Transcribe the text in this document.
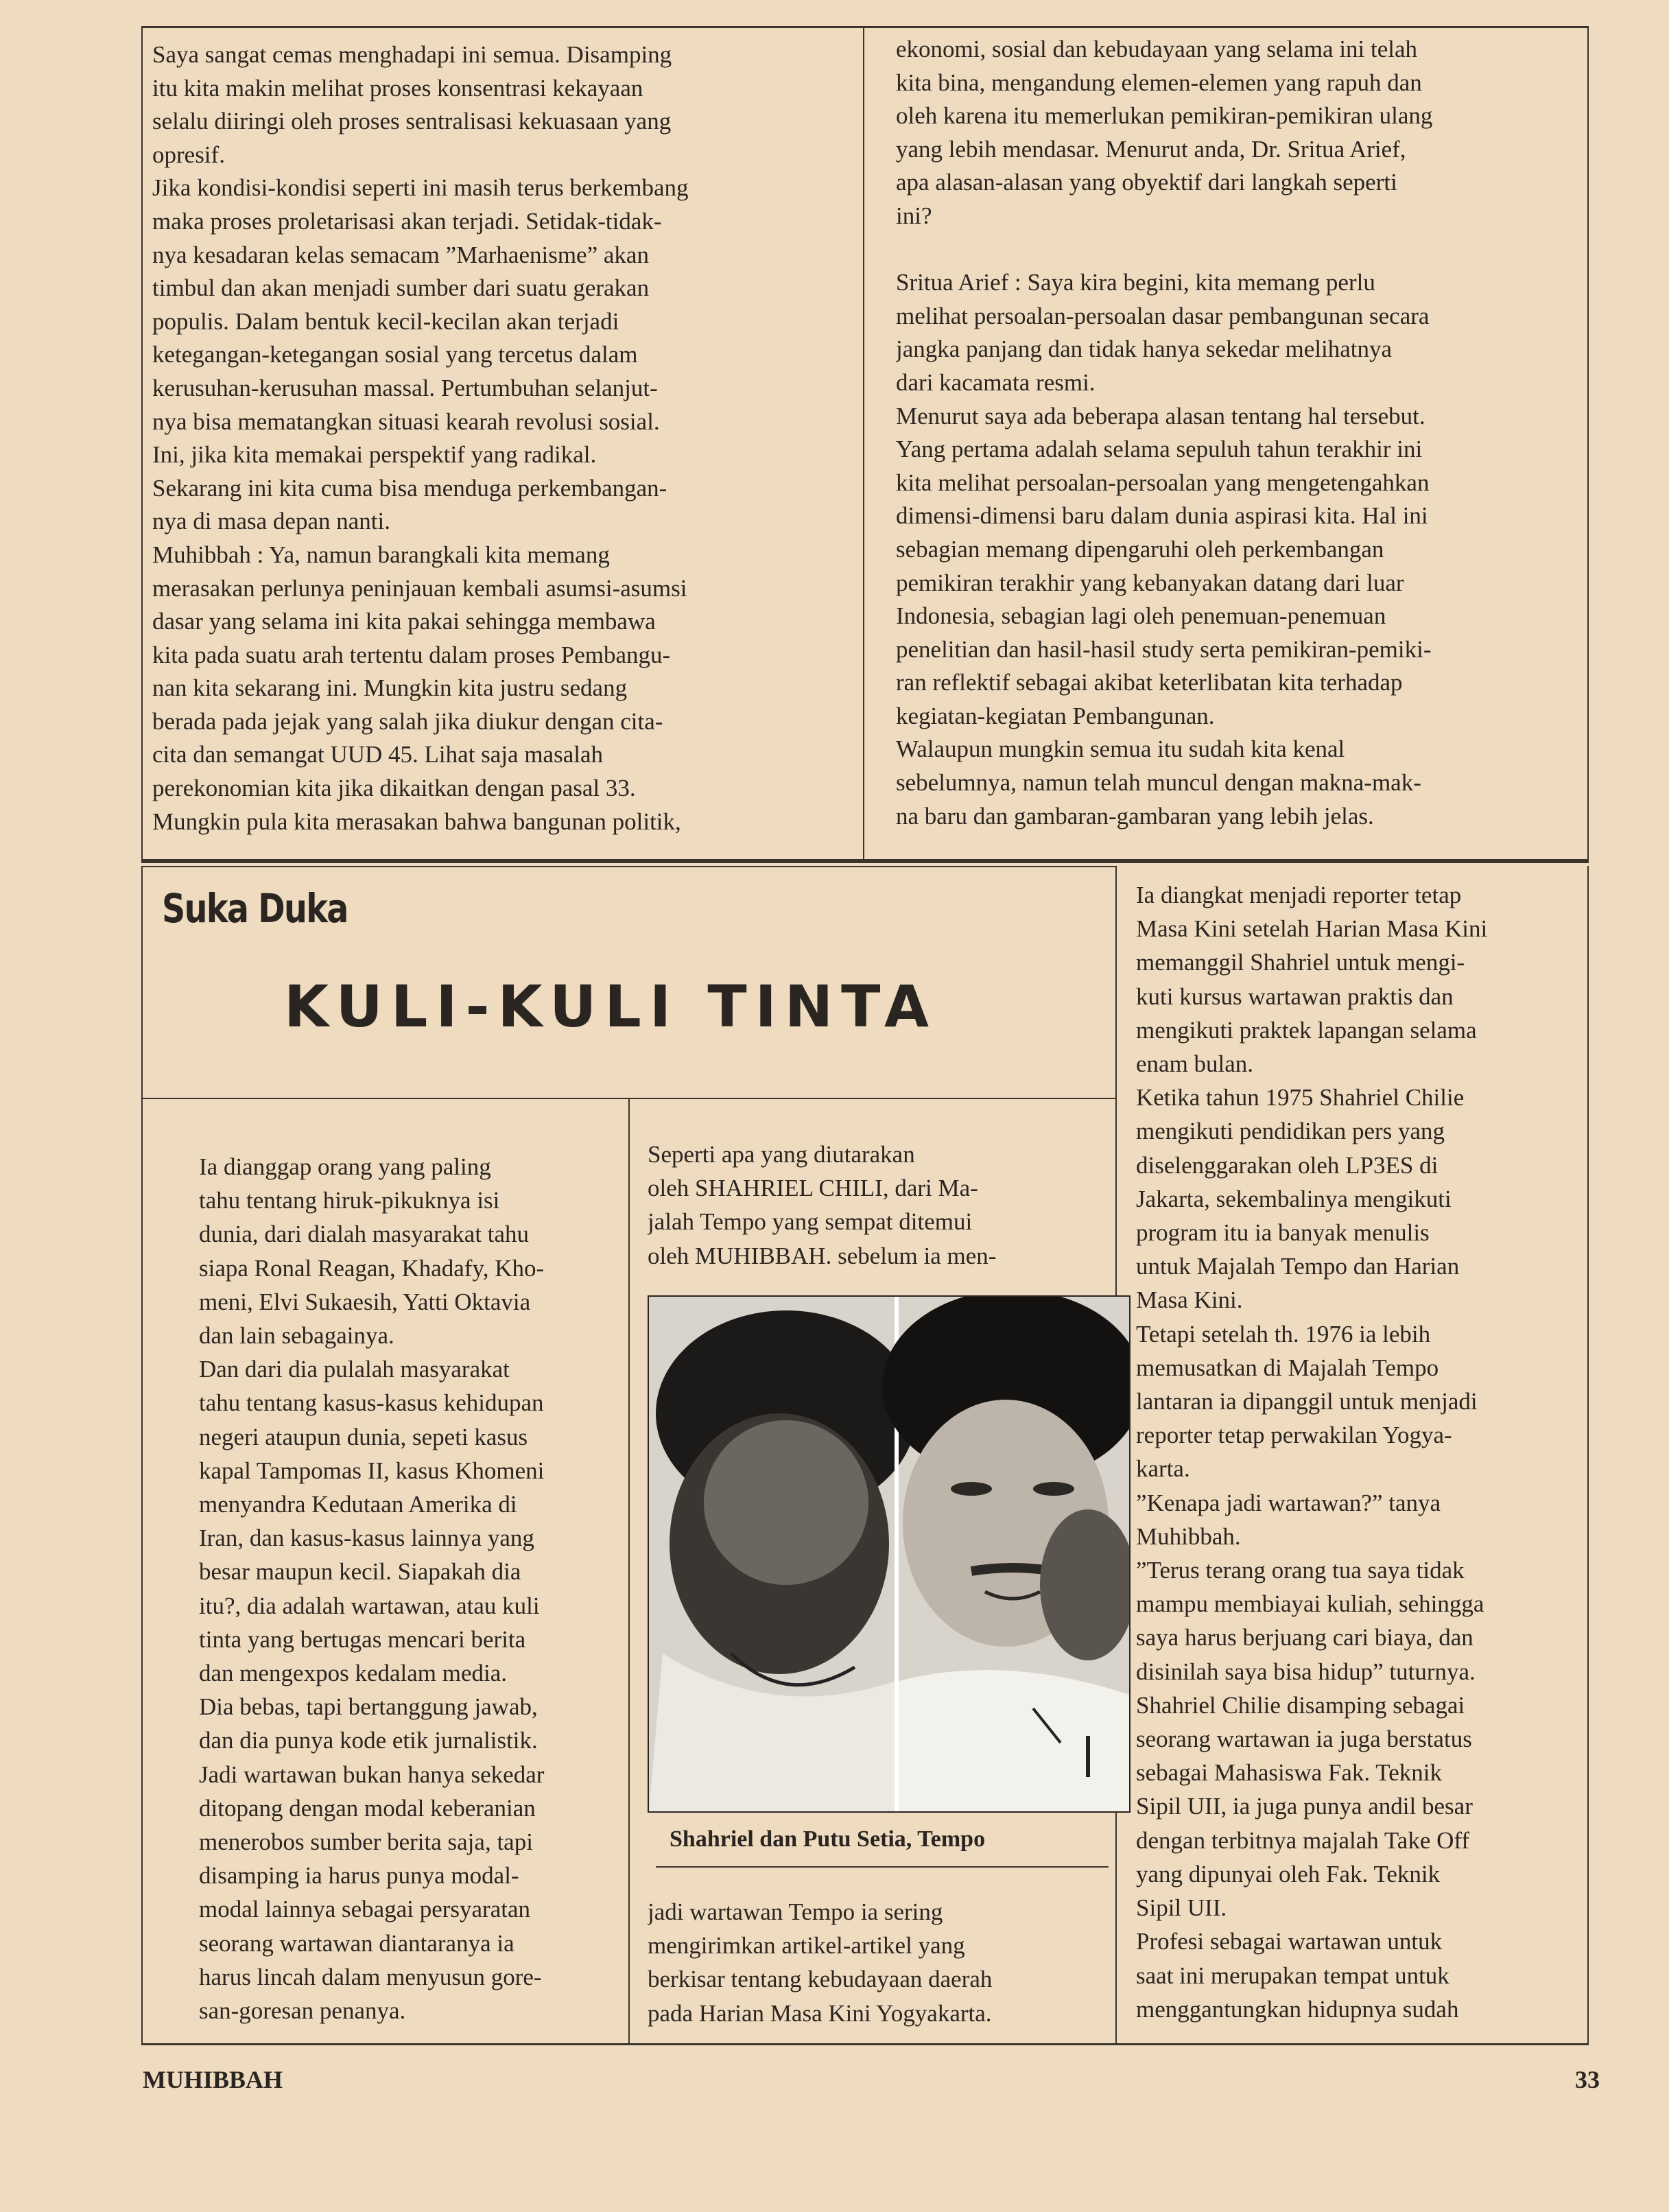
Saya sangat cemas menghadapi ini semua. Disamping
itu kita makin melihat proses konsentrasi kekayaan
selalu diiringi oleh proses sentralisasi kekuasaan yang
opresif.
Jika kondisi-kondisi seperti ini masih terus berkembang
maka proses proletarisasi akan terjadi. Setidak-tidak-
nya kesadaran kelas semacam ”Marhaenisme” akan
timbul dan akan menjadi sumber dari suatu gerakan
populis. Dalam bentuk kecil-kecilan akan terjadi
ketegangan-ketegangan sosial yang tercetus dalam
kerusuhan-kerusuhan massal. Pertumbuhan selanjut-
nya bisa mematangkan situasi kearah revolusi sosial.
Ini, jika kita memakai perspektif yang radikal.
Sekarang ini kita cuma bisa menduga perkembangan-
nya di masa depan nanti.
Muhibbah : Ya, namun barangkali kita memang
merasakan perlunya peninjauan kembali asumsi-asumsi
dasar yang selama ini kita pakai sehingga membawa
kita pada suatu arah tertentu dalam proses Pembangu-
nan kita sekarang ini. Mungkin kita justru sedang
berada pada jejak yang salah jika diukur dengan cita-
cita dan semangat UUD 45. Lihat saja masalah
perekonomian kita jika dikaitkan dengan pasal 33.
Mungkin pula kita merasakan bahwa bangunan politik,
ekonomi, sosial dan kebudayaan yang selama ini telah
kita bina, mengandung elemen-elemen yang rapuh dan
oleh karena itu memerlukan pemikiran-pemikiran ulang
yang lebih mendasar. Menurut anda, Dr. Sritua Arief,
apa alasan-alasan yang obyektif dari langkah seperti
ini?

Sritua Arief : Saya kira begini, kita memang perlu
melihat persoalan-persoalan dasar pembangunan secara
jangka panjang dan tidak hanya sekedar melihatnya
dari kacamata resmi.
Menurut saya ada beberapa alasan tentang hal tersebut.
Yang pertama adalah selama sepuluh tahun terakhir ini
kita melihat persoalan-persoalan yang mengetengahkan
dimensi-dimensi baru dalam dunia aspirasi kita. Hal ini
sebagian memang dipengaruhi oleh perkembangan
pemikiran terakhir yang kebanyakan datang dari luar
Indonesia, sebagian lagi oleh penemuan-penemuan
penelitian dan hasil-hasil study serta pemikiran-pemiki-
ran reflektif sebagai akibat keterlibatan kita terhadap
kegiatan-kegiatan Pembangunan.
Walaupun mungkin semua itu sudah kita kenal
sebelumnya, namun telah muncul dengan makna-mak-
na baru dan gambaran-gambaran yang lebih jelas.
Suka Duka
KULI-KULI TINTA
Ia dianggap orang yang paling
tahu tentang hiruk-pikuknya isi
dunia, dari dialah masyarakat tahu
siapa Ronal Reagan, Khadafy, Kho-
meni, Elvi Sukaesih, Yatti Oktavia
dan lain sebagainya.
Dan dari dia pulalah masyarakat
tahu tentang kasus-kasus kehidupan
negeri ataupun dunia, sepeti kasus
kapal Tampomas II, kasus Khomeni
menyandra Kedutaan Amerika di
Iran, dan kasus-kasus lainnya yang
besar maupun kecil. Siapakah dia
itu?, dia adalah wartawan, atau kuli
tinta yang bertugas mencari berita
dan mengexpos kedalam media.
Dia bebas, tapi bertanggung jawab,
dan dia punya kode etik jurnalistik.
Jadi wartawan bukan hanya sekedar
ditopang dengan modal keberanian
menerobos sumber berita saja, tapi
disamping ia harus punya modal-
modal lainnya sebagai persyaratan
seorang wartawan diantaranya ia
harus lincah dalam menyusun gore-
san-goresan penanya.
Seperti apa yang diutarakan
oleh SHAHRIEL CHILI, dari Ma-
jalah Tempo yang sempat ditemui
oleh MUHIBBAH. sebelum ia men-
Shahriel dan Putu Setia, Tempo
jadi wartawan Tempo ia sering
mengirimkan artikel-artikel yang
berkisar tentang kebudayaan daerah
pada Harian Masa Kini Yogyakarta.
Ia diangkat menjadi reporter tetap
Masa Kini setelah Harian Masa Kini
memanggil Shahriel untuk mengi-
kuti kursus wartawan praktis dan
mengikuti praktek lapangan selama
enam bulan.
Ketika tahun 1975 Shahriel Chilie
mengikuti pendidikan pers yang
diselenggarakan oleh LP3ES di
Jakarta, sekembalinya mengikuti
program itu ia banyak menulis
untuk Majalah Tempo dan Harian
Masa Kini.
Tetapi setelah th. 1976 ia lebih
memusatkan di Majalah Tempo
lantaran ia dipanggil untuk menjadi
reporter tetap perwakilan Yogya-
karta.
”Kenapa jadi wartawan?” tanya
Muhibbah.
”Terus terang orang tua saya tidak
mampu membiayai kuliah, sehingga
saya harus berjuang cari biaya, dan
disinilah saya bisa hidup” tuturnya.
Shahriel Chilie disamping sebagai
seorang wartawan ia juga berstatus
sebagai Mahasiswa Fak. Teknik
Sipil UII, ia juga punya andil besar
dengan terbitnya majalah Take Off
yang dipunyai oleh Fak. Teknik
Sipil UII.
Profesi sebagai wartawan untuk
saat ini merupakan tempat untuk
menggantungkan hidupnya sudah
MUHIBBAH	33
